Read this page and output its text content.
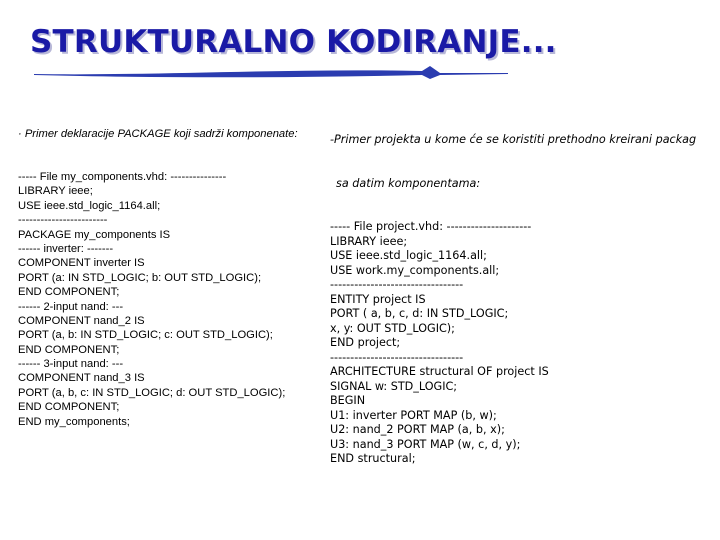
STRUKTURALNO KODIRANJE...

· Primer deklaracije PACKAGE koji sadrži komponenate:

----- File my_components.vhd: ---------------
LIBRARY ieee;
USE ieee.std_logic_1164.all;
------------------------
PACKAGE my_components IS
------ inverter: -------
COMPONENT inverter IS
PORT (a: IN STD_LOGIC; b: OUT STD_LOGIC);
END COMPONENT;
------ 2-input nand: ---
COMPONENT nand_2 IS
PORT (a, b: IN STD_LOGIC; c: OUT STD_LOGIC);
END COMPONENT;
------ 3-input nand: ---
COMPONENT nand_3 IS
PORT (a, b, c: IN STD_LOGIC; d: OUT STD_LOGIC);
END COMPONENT;
END my_components;

-Primer projekta u kome će se koristiti prethodno kreirani packag

sa datim komponentama:

----- File project.vhd: ---------------------
LIBRARY ieee;
USE ieee.std_logic_1164.all;
USE work.my_components.all;
---------------------------------
ENTITY project IS
PORT ( a, b, c, d: IN STD_LOGIC;
x, y: OUT STD_LOGIC);
END project;
---------------------------------
ARCHITECTURE structural OF project IS
SIGNAL w: STD_LOGIC;
BEGIN
U1: inverter PORT MAP (b, w);
U2: nand_2 PORT MAP (a, b, x);
U3: nand_3 PORT MAP (w, c, d, y);
END structural;
